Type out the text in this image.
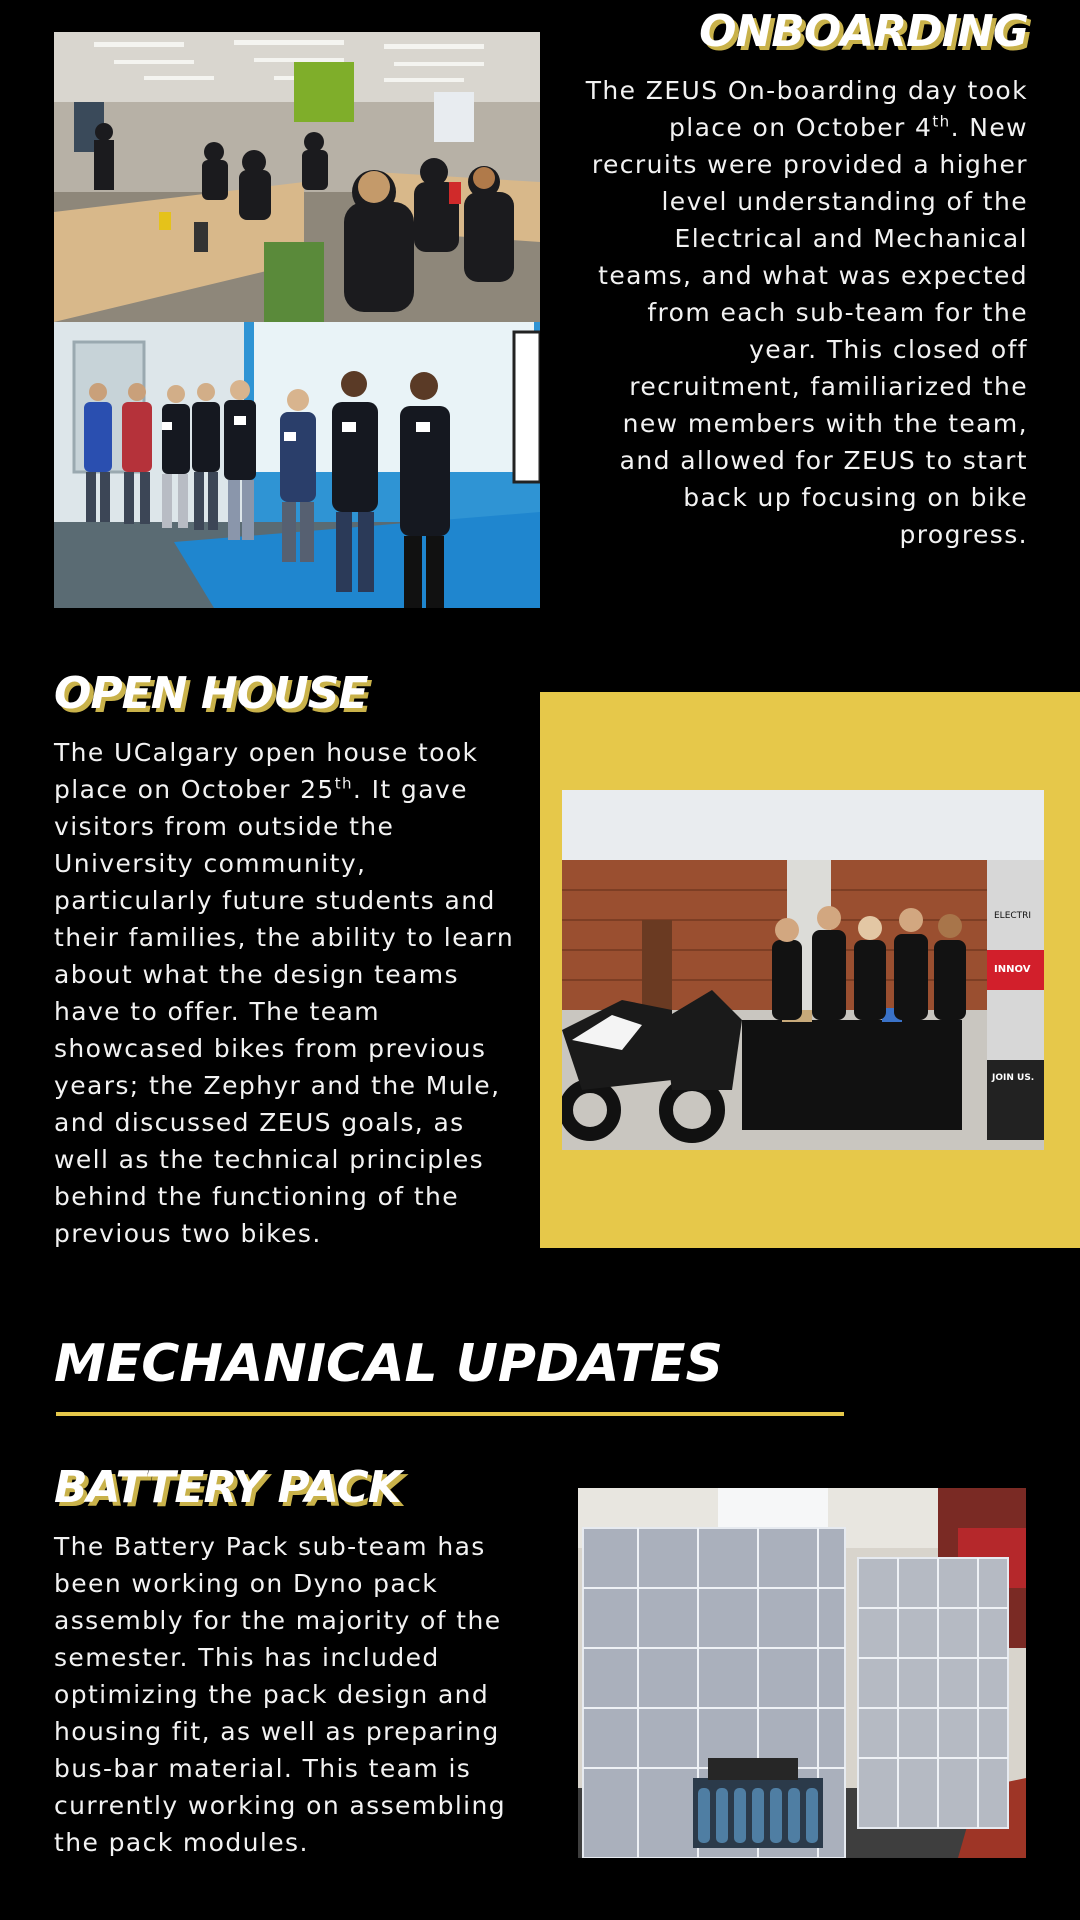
ONBOARDING

The ZEUS On-boarding day took place on October 4th. New recruits were provided a higher level understanding of the Electrical and Mechanical teams, and what was expected from each sub-team for the year. This closed off recruitment, familiarized the new members with the team, and allowed for ZEUS to start back up focusing on bike progress.

OPEN HOUSE

The UCalgary open house took place on October 25th. It gave visitors from outside the University community, particularly future students and their families, the ability to learn about what the design teams have to offer. The team showcased bikes from previous years; the Zephyr and the Mule, and discussed ZEUS goals, as well as the technical principles behind the functioning of the previous two bikes.

ELECTRI
INNOV
JOIN US.
MECHANICAL UPDATES
BATTERY PACK

The Battery Pack sub-team has been working on Dyno pack assembly for the majority of the semester. This has included optimizing the pack design and housing fit, as well as preparing bus-bar material. This team is currently working on assembling the pack modules.
